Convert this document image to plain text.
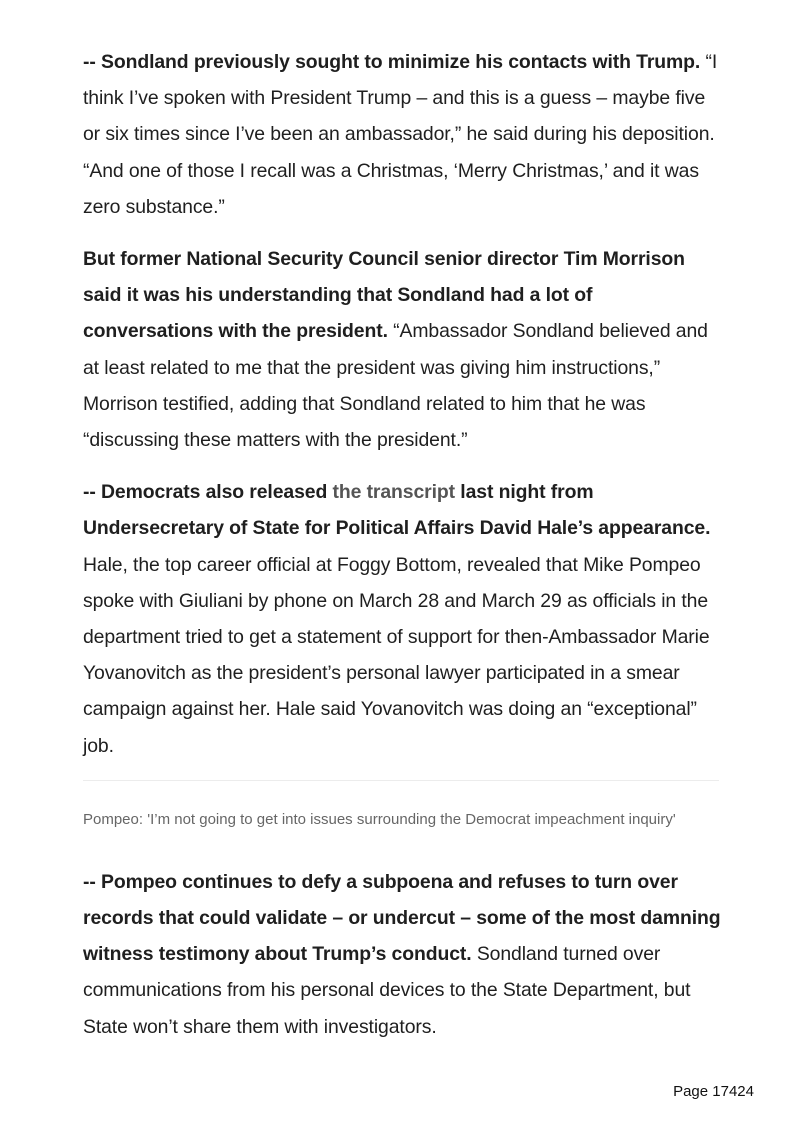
-- Sondland previously sought to minimize his contacts with Trump. “I think I’ve spoken with President Trump – and this is a guess – maybe five or six times since I’ve been an ambassador,” he said during his deposition. “And one of those I recall was a Christmas, ‘Merry Christmas,’ and it was zero substance.”

But former National Security Council senior director Tim Morrison said it was his understanding that Sondland had a lot of conversations with the president. “Ambassador Sondland believed and at least related to me that the president was giving him instructions,” Morrison testified, adding that Sondland related to him that he was “discussing these matters with the president.”

-- Democrats also released the transcript last night from Undersecretary of State for Political Affairs David Hale’s appearance. Hale, the top career official at Foggy Bottom, revealed that Mike Pompeo spoke with Giuliani by phone on March 28 and March 29 as officials in the department tried to get a statement of support for then-Ambassador Marie Yovanovitch as the president’s personal lawyer participated in a smear campaign against her. Hale said Yovanovitch was doing an “exceptional” job.

Pompeo: 'I’m not going to get into issues surrounding the Democrat impeachment inquiry'

-- Pompeo continues to defy a subpoena and refuses to turn over records that could validate – or undercut – some of the most damning witness testimony about Trump’s conduct. Sondland turned over communications from his personal devices to the State Department, but State won’t share them with investigators.

Page 17424
